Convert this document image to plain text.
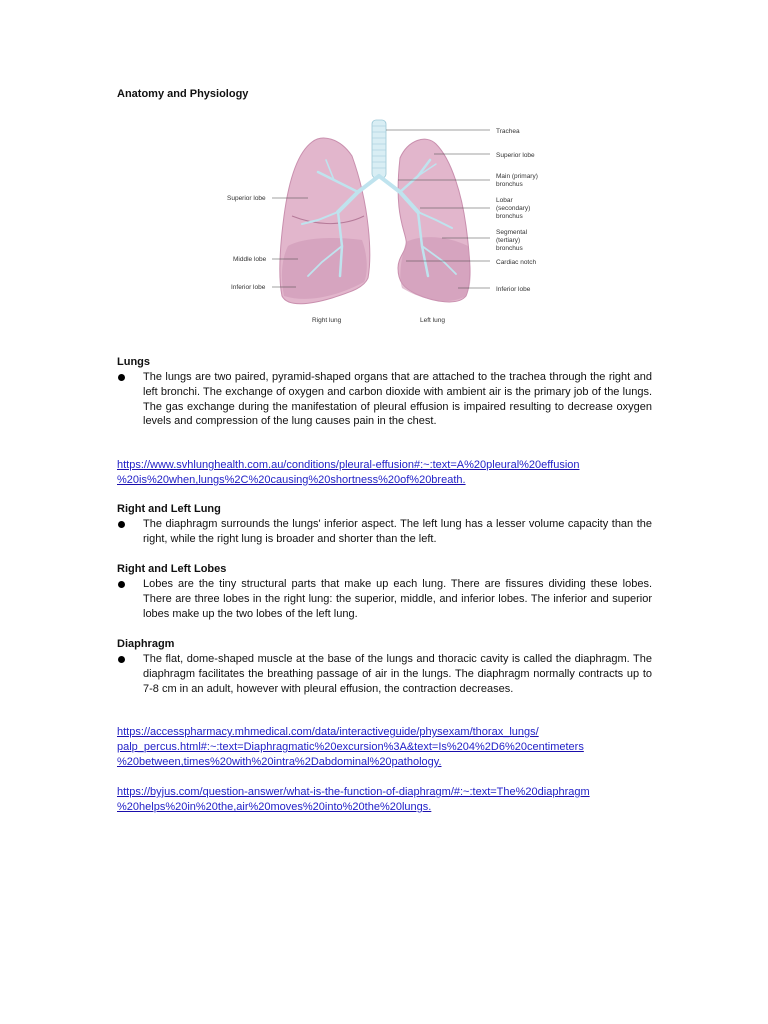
Anatomy and Physiology
Superior lobe
Middle lobe
Inferior lobe
Trachea
Superior lobe
Main (primary)
bronchus
Lobar
(secondary)
bronchus
Segmental
(tertiary)
bronchus
Cardiac notch
Inferior lobe
Right lung	Left lung
Lungs

The lungs are two paired, pyramid-shaped organs that are attached to the trachea through the right and left bronchi. The exchange of oxygen and carbon dioxide with ambient air is the primary job of the lungs. The gas exchange during the manifestation of pleural effusion is impaired resulting to decrease oxygen levels and compression of the lung causes pain in the chest.

https://www.svhlunghealth.com.au/conditions/pleural-effusion#:~:text=A%20pleural%20effusion
%20is%20when,lungs%2C%20causing%20shortness%20of%20breath.

Right and Left Lung

The diaphragm surrounds the lungs' inferior aspect. The left lung has a lesser volume capacity than the right, while the right lung is broader and shorter than the left.

Right and Left Lobes

Lobes are the tiny structural parts that make up each lung. There are fissures dividing these lobes. There are three lobes in the right lung: the superior, middle, and inferior lobes. The inferior and superior lobes make up the two lobes of the left lung.

Diaphragm

The flat, dome-shaped muscle at the base of the lungs and thoracic cavity is called the diaphragm. The diaphragm facilitates the breathing passage of air in the lungs. The diaphragm normally contracts up to 7-8 cm in an adult, however with pleural effusion, the contraction decreases.

https://accesspharmacy.mhmedical.com/data/interactiveguide/physexam/thorax_lungs/
palp_percus.html#:~:text=Diaphragmatic%20excursion%3A&text=Is%204%2D6%20centimeters
%20between,times%20with%20intra%2Dabdominal%20pathology.

https://byjus.com/question-answer/what-is-the-function-of-diaphragm/#:~:text=The%20diaphragm
%20helps%20in%20the,air%20moves%20into%20the%20lungs.
